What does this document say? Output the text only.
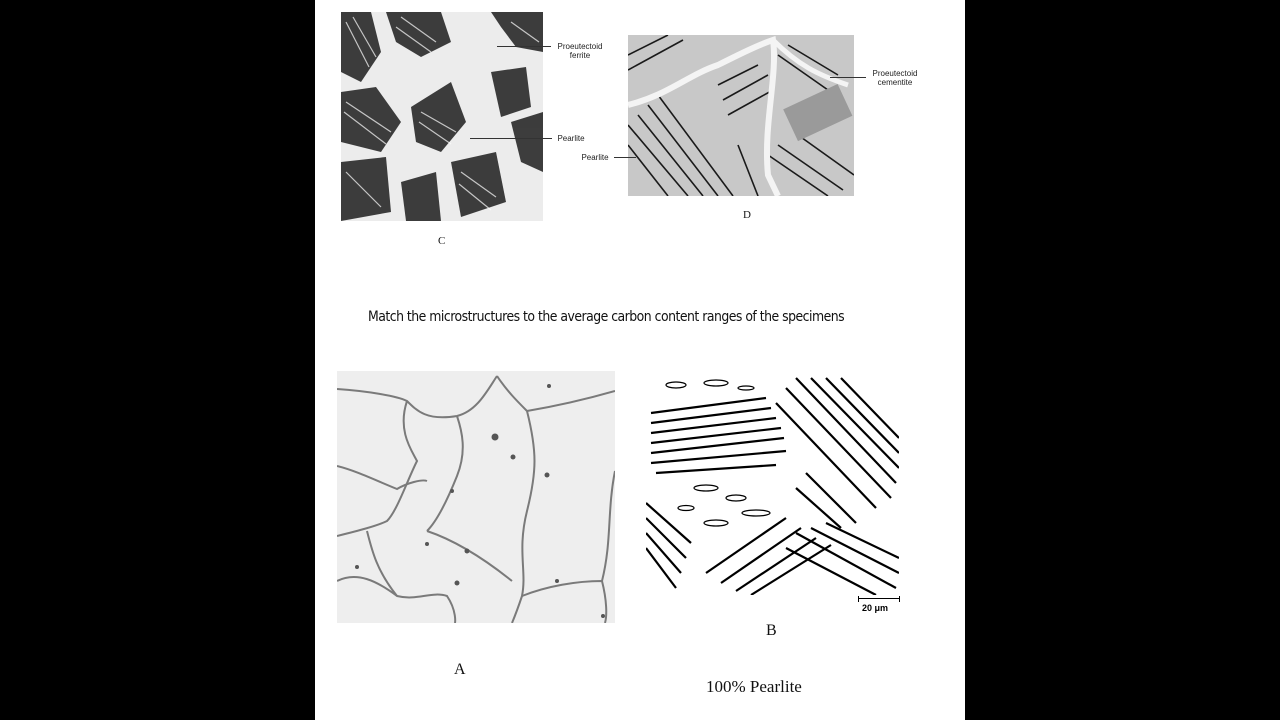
Proeutectoid
ferrite
Pearlite
C
Proeutectoid
cementite
Pearlite
D
Match the microstructures to the average carbon content ranges of the specimens
A
20 μm
B
100% Pearlite
